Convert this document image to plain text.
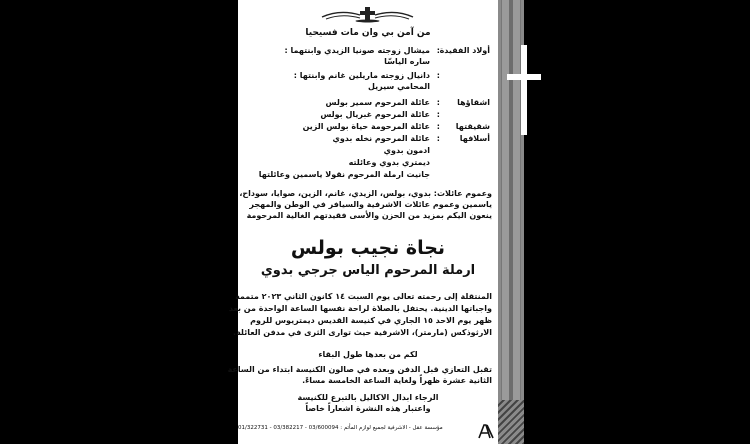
من آمن بي وان مات فسيحيا
نجاة نجيب بولس
ارملة المرحوم الياس جرجي بدوي
لكم من بعدها طول البقاء
01/322731 - 03/382217 - 03/600094 : مؤسسة عقل - الاشرفية لجميع لوازم المأتم
أولاد الفقيدة
:
ميشال زوجته صونيا الزيدي وابنتهما :
ساره الياسّا
:
دانيال زوجته ماريلين غانم وابنتها :
المحامي سيريل
اشقاؤها
:
عائلة المرحوم سمير بولس
:
عائلة المرحوم غبريال بولس
شقيقتها
:
عائلة المرحومة حياة بولس الزين
أسلافها
:
عائلة المرحوم نخله بدوي
ادمون بدوي
ديمتري بدوي وعائلته
جانيت ارملة المرحوم نقولا ياسمين وعائلتها
وعموم عائلات: بدوي، بولس، الزيدي، غانم، الزين، صوايا، سوداح،
ياسمين وعموم عائلات الاشرفية والسيافر في الوطن والمهجر
ينعون اليكم بمزيد من الحزن والأسى فقيدتهم الغالية المرحومة
المنتقلة إلى رحمته تعالى يوم السبت ١٤ كانون الثاني ٢٠٢٣ متممة
واجباتها الدينية. يحتفل بالصلاة لراحة نفسها الساعة الواحدة من بعد
ظهر يوم الاحد ١٥ الجاري في كنيسة القديس ديمتريوس للروم
الارثوذكس (مارمتر)، الاشرفية حيث توارى الثرى في مدفن العائلة.
تقبل التعازي قبل الدفن وبعده في صالون الكنيسة ابتداء من الساعة
الثانية عشرة ظهراً ولغاية الساعة الخامسة مساءً.
الرجاء ابدال الاكاليل بالتبرع للكنيسة
واعتبار هذه النشرة اشعاراً خاصاً
